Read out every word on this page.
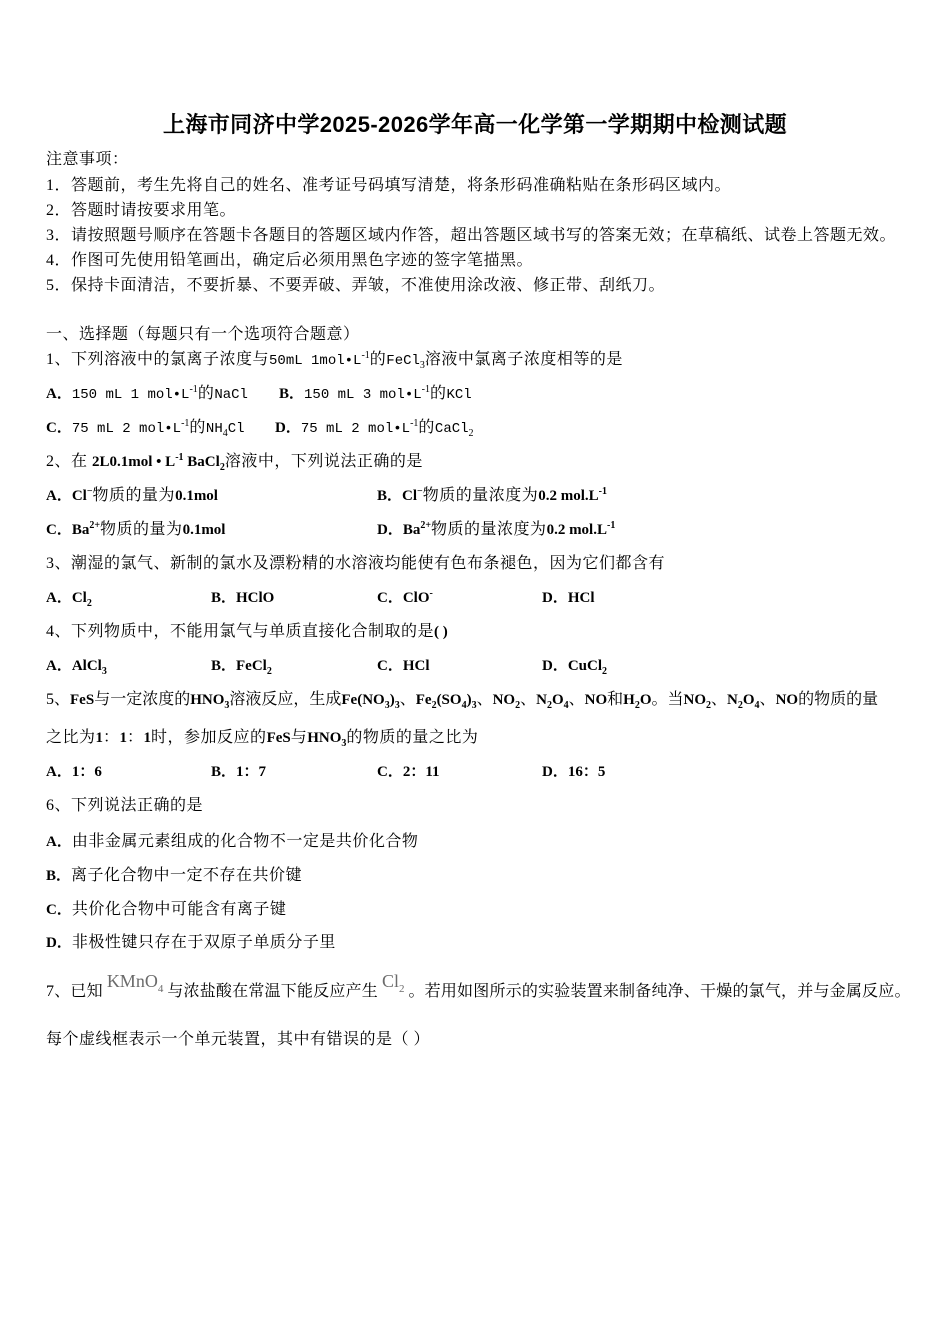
上海市同济中学2025-2026学年高一化学第一学期期中检测试题
注意事项：
1．答题前，考生先将自己的姓名、准考证号码填写清楚，将条形码准确粘贴在条形码区域内。
2．答题时请按要求用笔。
3．请按照题号顺序在答题卡各题目的答题区域内作答，超出答题区域书写的答案无效；在草稿纸、试卷上答题无效。
4．作图可先使用铅笔画出，确定后必须用黑色字迹的签字笔描黑。
5．保持卡面清洁，不要折暴、不要弄破、弄皱，不准使用涂改液、修正带、刮纸刀。
一、选择题（每题只有一个选项符合题意）
1、下列溶液中的氯离子浓度与50mL $1mol•L^{-1}$的FeCl$_3$溶液中氯离子浓度相等的是
A．150 mL 1 $mol•L^{-1}$的NaCl B．150 mL 3 $mol•L^{-1}$的KCl
C．75 mL 2 $mol•L^{-1}$的$NH_4Cl$ D．75 mL 2 $mol•L^{-1}$的CaCl$_2$
2、在 2L0.1mol • $L^{-1}$ BaCl$_2$溶液中，下列说法正确的是
A．Cl−物质的量为0.1mol	B．Cl−物质的量浓度为0.2 $mol.L^{-1}$
C．$Ba^{2+}$物质的量为0.1mol	D．$Ba^{2+}$物质的量浓度为0.2 $mol.L^{-1}$
3、潮湿的氯气、新制的氯水及漂粉精的水溶液均能使有色布条褪色，因为它们都含有
A．$Cl_2$	B．HClO	C．ClO-	D．HCl
4、下列物质中，不能用氯气与单质直接化合制取的是( )
A．AlCl$_3$	B．FeCl$_2$	C．HCl	D．CuCl$_2$
5、FeS与一定浓度的$HNO_3$溶液反应，生成$Fe(NO_3)_3$、$Fe_2(SO_4)_3$、$NO_2$、$N_2O_4$、NO和$H_2O$。当$NO_2$、$N_2O_4$、NO的物质的量
之比为1：1：1时，参加反应的FeS与$HNO_3$的物质的量之比为
A．1：6	B．1：7	C．2：11	D．16：5
6、下列说法正确的是
A．由非金属元素组成的化合物不一定是共价化合物
B．离子化合物中一定不存在共价键
C．共价化合物中可能含有离子键
D．非极性键只存在于双原子单质分子里
7、已知KMnO$^4$ 与浓盐酸在常温下能反应产生Cl$^2$ 。若用如图所示的实验装置来制备纯净、干燥的氯气，并与金属反应。
每个虚线框表示一个单元装置，其中有错误的是（ ）
